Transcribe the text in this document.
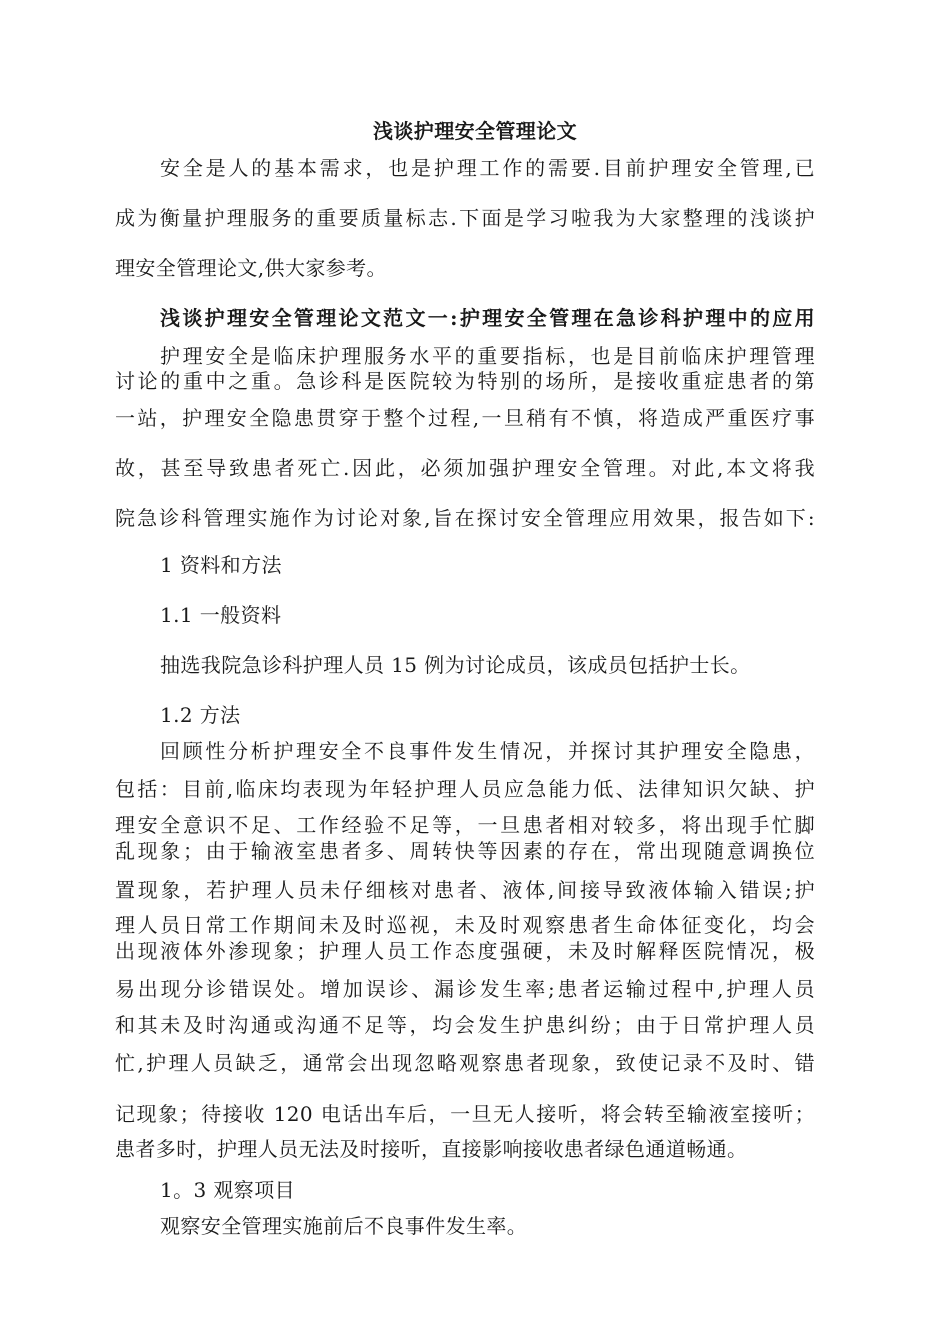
浅谈护理安全管理论文
安全是人的基本需求，也是护理工作的需要.目前护理安全管理,已
成为衡量护理服务的重要质量标志.下面是学习啦我为大家整理的浅谈护
理安全管理论文,供大家参考。
浅谈护理安全管理论文范文一:护理安全管理在急诊科护理中的应用
护理安全是临床护理服务水平的重要指标，也是目前临床护理管理
讨论的重中之重。急诊科是医院较为特别的场所，是接收重症患者的第
一站，护理安全隐患贯穿于整个过程,一旦稍有不慎，将造成严重医疗事
故，甚至导致患者死亡.因此，必须加强护理安全管理。对此,本文将我
院急诊科管理实施作为讨论对象,旨在探讨安全管理应用效果，报告如下:
1 资料和方法
1.1 一般资料
抽选我院急诊科护理人员 15 例为讨论成员，该成员包括护士长。
1.2 方法
回顾性分析护理安全不良事件发生情况，并探讨其护理安全隐患，
包括：目前,临床均表现为年轻护理人员应急能力低、法律知识欠缺、护
理安全意识不足、工作经验不足等，一旦患者相对较多，将出现手忙脚
乱现象；由于输液室患者多、周转快等因素的存在，常出现随意调换位
置现象，若护理人员未仔细核对患者、液体,间接导致液体输入错误;护
理人员日常工作期间未及时巡视，未及时观察患者生命体征变化，均会
出现液体外渗现象；护理人员工作态度强硬，未及时解释医院情况，极
易出现分诊错误处。增加误诊、漏诊发生率;患者运输过程中,护理人员
和其未及时沟通或沟通不足等，均会发生护患纠纷；由于日常护理人员
忙,护理人员缺乏，通常会出现忽略观察患者现象，致使记录不及时、错
记现象；待接收 120 电话出车后，一旦无人接听，将会转至输液室接听；
患者多时，护理人员无法及时接听，直接影响接收患者绿色通道畅通。
1。3 观察项目
观察安全管理实施前后不良事件发生率。
